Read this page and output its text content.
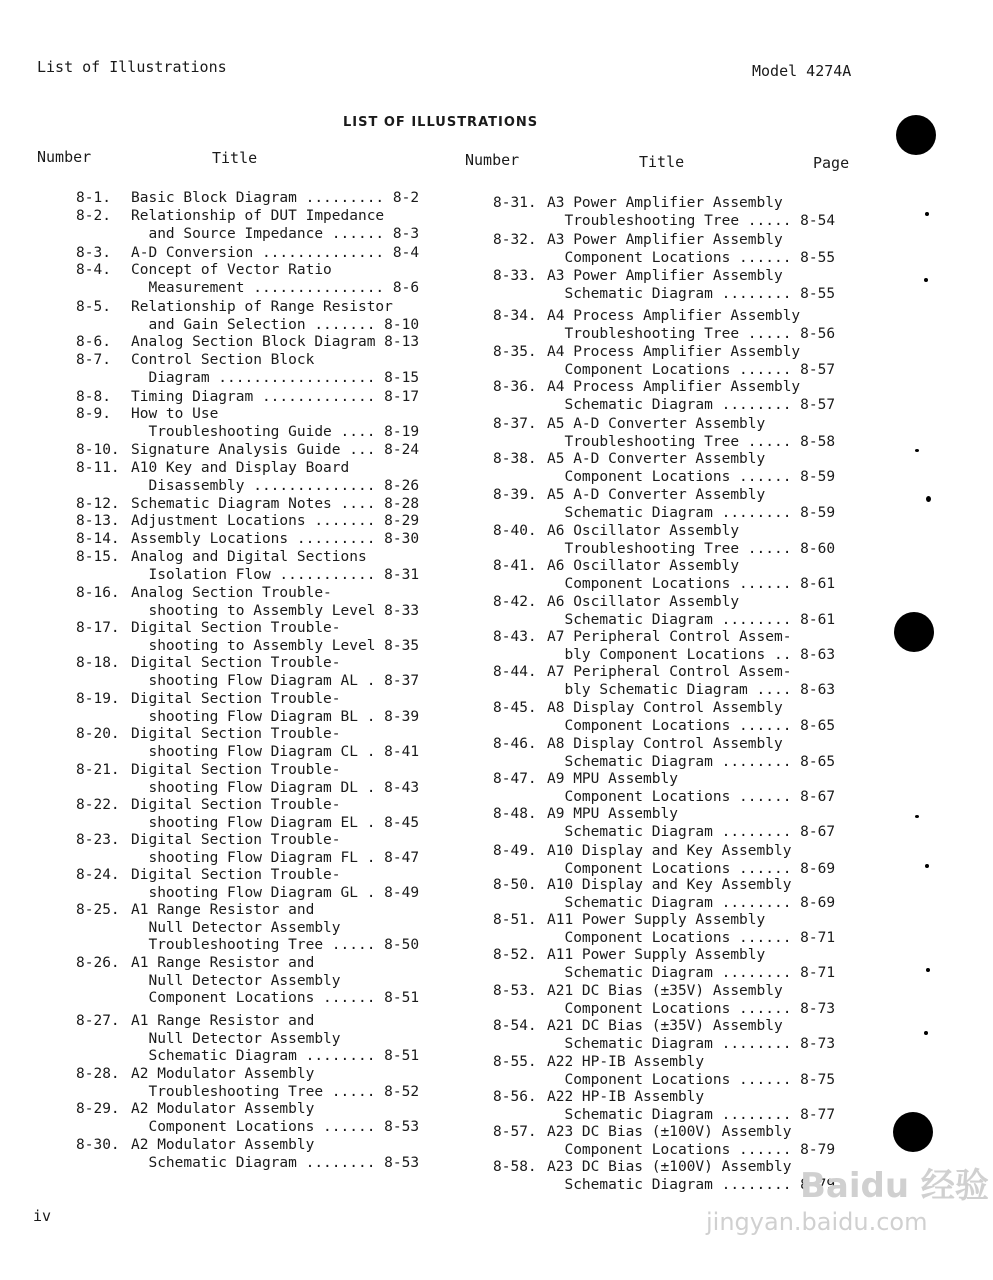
List of Illustrations	Model 4274A
LIST OF ILLUSTRATIONS
Number	Title	Number	Title	Page
8-1. Basic Block Diagram ......... 8-2
8-2. Relationship of DUT Impedance
and Source Impedance ...... 8-3
8-3. A-D Conversion .............. 8-4
8-4. Concept of Vector Ratio
Measurement ............... 8-6
8-5. Relationship of Range Resistor
and Gain Selection ....... 8-10
8-6. Analog Section Block Diagram 8-13
8-7. Control Section Block
Diagram .................. 8-15
8-8. Timing Diagram ............. 8-17
8-9. How to Use
Troubleshooting Guide .... 8-19
8-10. Signature Analysis Guide ... 8-24
8-11. A10 Key and Display Board
Disassembly .............. 8-26
8-12. Schematic Diagram Notes .... 8-28
8-13. Adjustment Locations ....... 8-29
8-14. Assembly Locations ......... 8-30
8-15. Analog and Digital Sections
Isolation Flow ........... 8-31
8-16. Analog Section Trouble-
shooting to Assembly Level 8-33
8-17. Digital Section Trouble-
shooting to Assembly Level 8-35
8-18. Digital Section Trouble-
shooting Flow Diagram AL . 8-37
8-19. Digital Section Trouble-
shooting Flow Diagram BL . 8-39
8-20. Digital Section Trouble-
shooting Flow Diagram CL . 8-41
8-21. Digital Section Trouble-
shooting Flow Diagram DL . 8-43
8-22. Digital Section Trouble-
shooting Flow Diagram EL . 8-45
8-23. Digital Section Trouble-
shooting Flow Diagram FL . 8-47
8-24. Digital Section Trouble-
shooting Flow Diagram GL . 8-49
8-25. A1 Range Resistor and
Null Detector Assembly
Troubleshooting Tree ..... 8-50
8-26. A1 Range Resistor and
Null Detector Assembly
Component Locations ...... 8-51
8-27. A1 Range Resistor and
Null Detector Assembly
Schematic Diagram ........ 8-51
8-28. A2 Modulator Assembly
Troubleshooting Tree ..... 8-52
8-29. A2 Modulator Assembly
Component Locations ...... 8-53
8-30. A2 Modulator Assembly
Schematic Diagram ........ 8-53
8-31. A3 Power Amplifier Assembly
Troubleshooting Tree ..... 8-54
8-32. A3 Power Amplifier Assembly
Component Locations ...... 8-55
8-33. A3 Power Amplifier Assembly
Schematic Diagram ........ 8-55
8-34. A4 Process Amplifier Assembly
Troubleshooting Tree ..... 8-56
8-35. A4 Process Amplifier Assembly
Component Locations ...... 8-57
8-36. A4 Process Amplifier Assembly
Schematic Diagram ........ 8-57
8-37. A5 A-D Converter Assembly
Troubleshooting Tree ..... 8-58
8-38. A5 A-D Converter Assembly
Component Locations ...... 8-59
8-39. A5 A-D Converter Assembly
Schematic Diagram ........ 8-59
8-40. A6 Oscillator Assembly
Troubleshooting Tree ..... 8-60
8-41. A6 Oscillator Assembly
Component Locations ...... 8-61
8-42. A6 Oscillator Assembly
Schematic Diagram ........ 8-61
8-43. A7 Peripheral Control Assem-
bly Component Locations .. 8-63
8-44. A7 Peripheral Control Assem-
bly Schematic Diagram .... 8-63
8-45. A8 Display Control Assembly
Component Locations ...... 8-65
8-46. A8 Display Control Assembly
Schematic Diagram ........ 8-65
8-47. A9 MPU Assembly
Component Locations ...... 8-67
8-48. A9 MPU Assembly
Schematic Diagram ........ 8-67
8-49. A10 Display and Key Assembly
Component Locations ...... 8-69
8-50. A10 Display and Key Assembly
Schematic Diagram ........ 8-69
8-51. A11 Power Supply Assembly
Component Locations ...... 8-71
8-52. A11 Power Supply Assembly
Schematic Diagram ........ 8-71
8-53. A21 DC Bias (±35V) Assembly
Component Locations ...... 8-73
8-54. A21 DC Bias (±35V) Assembly
Schematic Diagram ........ 8-73
8-55. A22 HP-IB Assembly
Component Locations ...... 8-75
8-56. A22 HP-IB Assembly
Schematic Diagram ........ 8-77
8-57. A23 DC Bias (±100V) Assembly
Component Locations ...... 8-79
8-58. A23 DC Bias (±100V) Assembly
Schematic Diagram ........ 8-79
iv
Baidu 经验
jingyan.baidu.com
